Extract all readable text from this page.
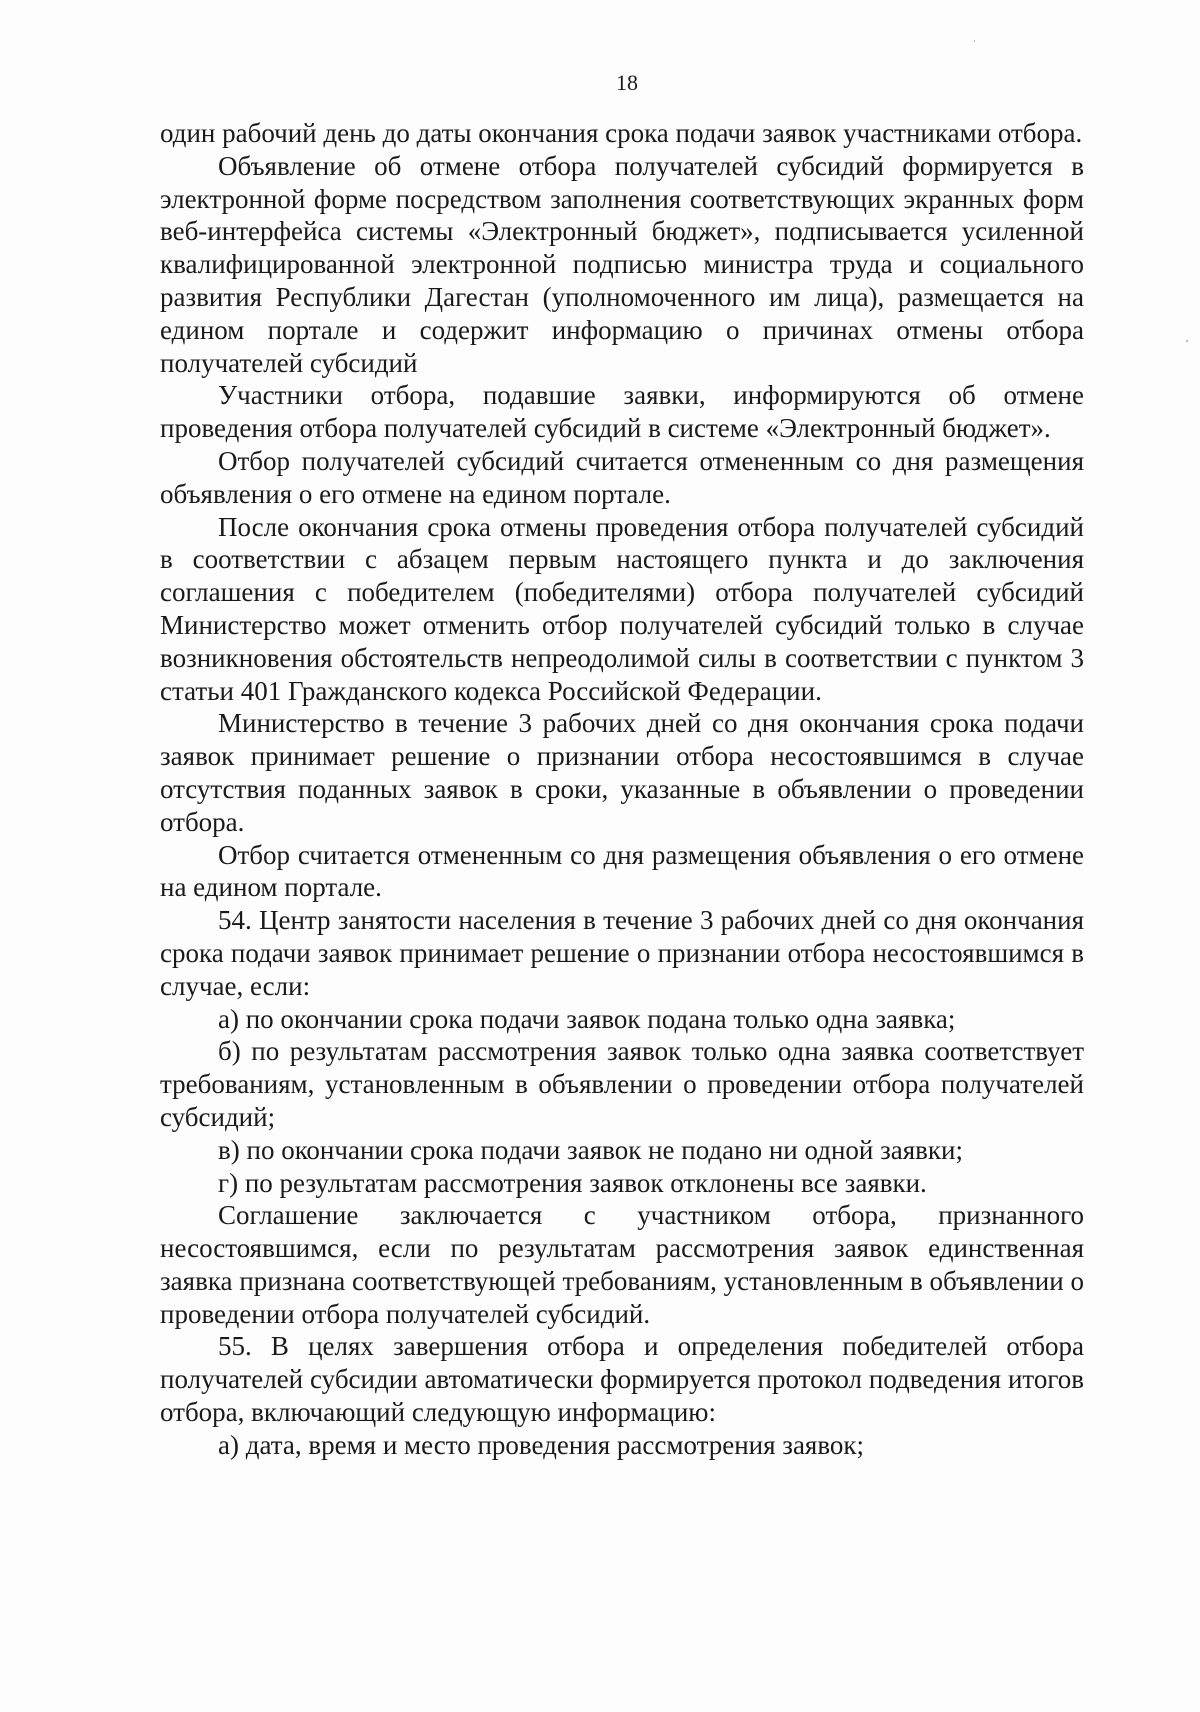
18

один рабочий день до даты окончания срока подачи заявок участниками отбора.

Объявление об отмене отбора получателей субсидий формируется в электронной форме посредством заполнения соответствующих экранных форм веб-интерфейса системы «Электронный бюджет», подписывается усиленной квалифицированной электронной подписью министра труда и социального развития Республики Дагестан (уполномоченного им лица), размещается на едином портале и содержит информацию о причинах отмены отбора получателей субсидий

Участники отбора, подавшие заявки, информируются об отмене проведения отбора получателей субсидий в системе «Электронный бюджет».

Отбор получателей субсидий считается отмененным со дня размещения объявления о его отмене на едином портале.

После окончания срока отмены проведения отбора получателей субсидий в соответствии с абзацем первым настоящего пункта и до заключения соглашения с победителем (победителями) отбора получателей субсидий Министерство может отменить отбор получателей субсидий только в случае возникновения обстоятельств непреодолимой силы в соответствии с пунктом 3 статьи 401 Гражданского кодекса Российской Федерации.

Министерство в течение 3 рабочих дней со дня окончания срока подачи заявок принимает решение о признании отбора несостоявшимся в случае отсутствия поданных заявок в сроки, указанные в объявлении о проведении отбора.

Отбор считается отмененным со дня размещения объявления о его отмене на едином портале.

54. Центр занятости населения в течение 3 рабочих дней со дня окончания срока подачи заявок принимает решение о признании отбора несостоявшимся в случае, если:

а) по окончании срока подачи заявок подана только одна заявка;

б) по результатам рассмотрения заявок только одна заявка соответствует требованиям, установленным в объявлении о проведении отбора получателей субсидий;

в) по окончании срока подачи заявок не подано ни одной заявки;

г) по результатам рассмотрения заявок отклонены все заявки.

Соглашение заключается с участником отбора, признанного несостоявшимся, если по результатам рассмотрения заявок единственная заявка признана соответствующей требованиям, установленным в объявлении о проведении отбора получателей субсидий.

55. В целях завершения отбора и определения победителей отбора получателей субсидии автоматически формируется протокол подведения итогов отбора, включающий следующую информацию:

а) дата, время и место проведения рассмотрения заявок;
